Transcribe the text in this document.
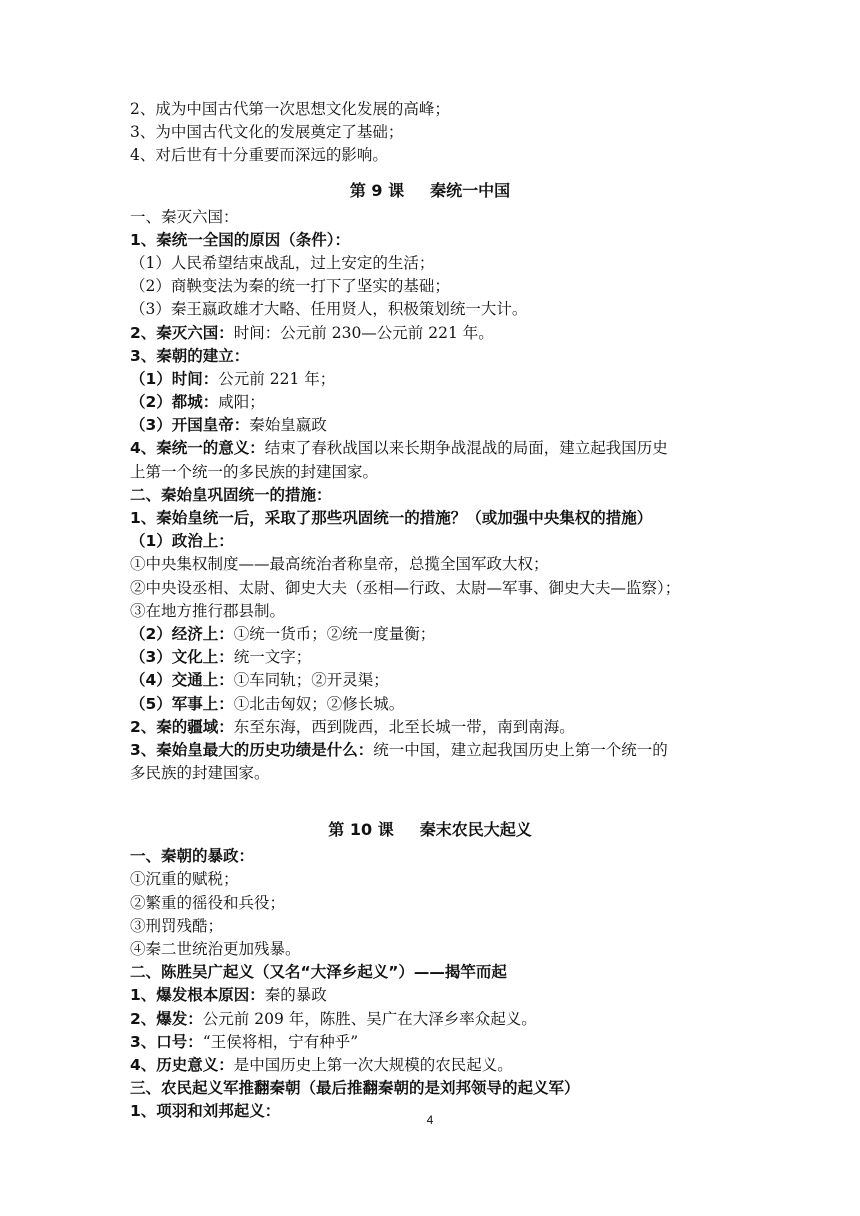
2、成为中国古代第一次思想文化发展的高峰；
3、为中国古代文化的发展奠定了基础；
4、对后世有十分重要而深远的影响。
第 9 课 秦统一中国
一、秦灭六国：
1、秦统一全国的原因（条件）：
（1）人民希望结束战乱，过上安定的生活；
（2）商鞅变法为秦的统一打下了坚实的基础；
（3）秦王嬴政雄才大略、任用贤人，积极策划统一大计。
2、秦灭六国：时间：公元前 230—公元前 221 年。
3、秦朝的建立：
（1）时间：公元前 221 年；
（2）都城：咸阳；
（3）开国皇帝：秦始皇嬴政
4、秦统一的意义：结束了春秋战国以来长期争战混战的局面，建立起我国历史
上第一个统一的多民族的封建国家。
二、秦始皇巩固统一的措施：
1、秦始皇统一后，采取了那些巩固统一的措施？（或加强中央集权的措施）
（1）政治上：
①中央集权制度——最高统治者称皇帝，总揽全国军政大权；
②中央设丞相、太尉、御史大夫（丞相—行政、太尉—军事、御史大夫—监察）；
③在地方推行郡县制。
（2）经济上：①统一货币；②统一度量衡；
（3）文化上：统一文字；
（4）交通上：①车同轨；②开灵渠；
（5）军事上：①北击匈奴；②修长城。
2、秦的疆域：东至东海，西到陇西，北至长城一带，南到南海。
3、秦始皇最大的历史功绩是什么：统一中国，建立起我国历史上第一个统一的
多民族的封建国家。
第 10 课 秦末农民大起义
一、秦朝的暴政：
①沉重的赋税；
②繁重的徭役和兵役；
③刑罚残酷；
④秦二世统治更加残暴。
二、陈胜吴广起义（又名“大泽乡起义”）——揭竿而起
1、爆发根本原因：秦的暴政
2、爆发：公元前 209 年，陈胜、吴广在大泽乡率众起义。
3、口号：“王侯将相，宁有种乎”
4、历史意义：是中国历史上第一次大规模的农民起义。
三、农民起义军推翻秦朝（最后推翻秦朝的是刘邦领导的起义军）
1、项羽和刘邦起义：	4
